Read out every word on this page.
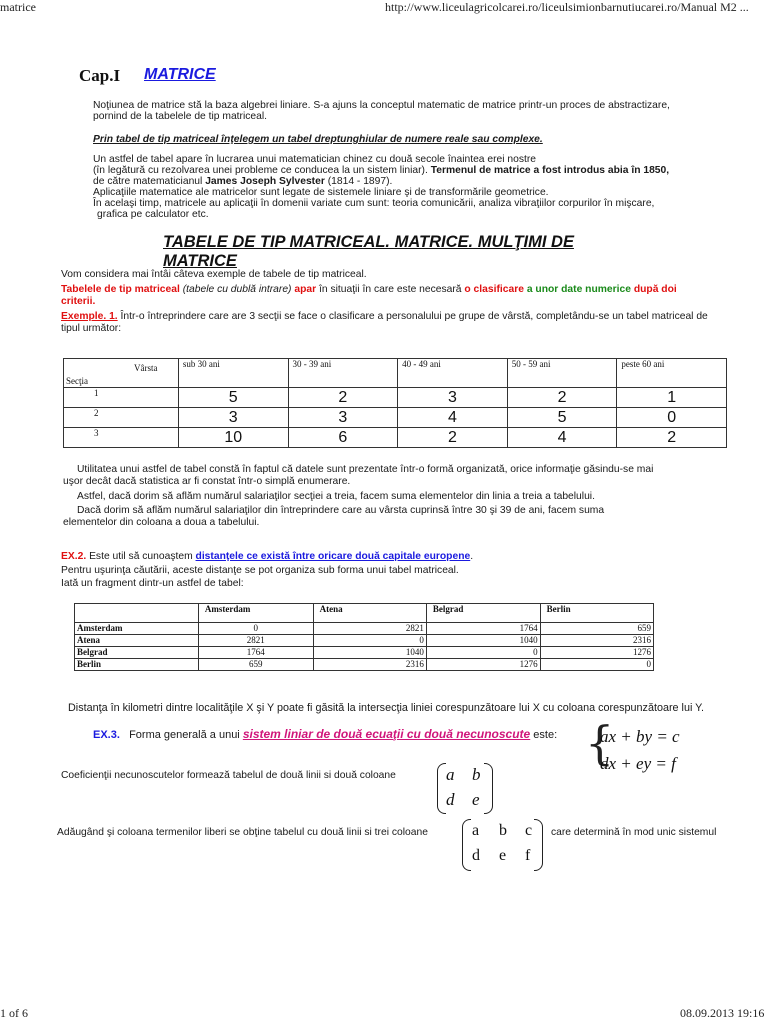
matrice	http://www.liceulagricolcarei.ro/liceulsimionbarnutiucarei.ro/Manual M2 ...
1 of 6	08.09.2013 19:16
Cap.I MATRICE
Noţiunea de matrice stă la baza algebrei liniare. S-a ajuns la conceptul matematic de matrice printr-un proces de abstractizare,
pornind de la tabelele de tip matriceal.
Prin tabel de tip matriceal înţelegem un tabel dreptunghiular de numere reale sau complexe.
Un astfel de tabel apare în lucrarea unui matematician chinez cu două secole înaintea erei nostre
(în legătură cu rezolvarea unei probleme ce conducea la un sistem liniar). Termenul de matrice a fost introdus abia în 1850,
de către matematicianul James Joseph Sylvester (1814 - 1897).
Aplicaţiile matematice ale matricelor sunt legate de sistemele liniare şi de transformările geometrice.
În acelaşi timp, matricele au aplicaţii în domenii variate cum sunt: teoria comunicării, analiza vibraţiilor corpurilor în mişcare,
grafica pe calculator etc.
TABELE DE TIP MATRICEAL. MATRICE. MULŢIMI DE
MATRICE
Vom considera mai întâi câteva exemple de tabele de tip matriceal.
Tabelele de tip matriceal (tabele cu dublă intrare) apar în situaţii în care este necesară o clasificare a unor date numerice după doi
criterii.
Exemple. 1. Într-o întreprindere care are 3 secţii se face o clasificare a personalului pe grupe de vârstă, completându-se un tabel matriceal de
tipul următor:
Vârsta
Secţia	sub 30 ani	30 - 39 ani	40 - 49 ani	50 - 59 ani	peste 60 ani
1	5	2	3	2	1
2	3	3	4	5	0
3	10	6	2	4	2
Utilitatea unui astfel de tabel constă în faptul că datele sunt prezentate într-o formă organizată, orice informaţie găsindu-se mai
uşor decât dacă statistica ar fi constat într-o simplă enumerare.
Astfel, dacă dorim să aflăm numărul salariaţilor secţiei a treia, facem suma elementelor din linia a treia a tabelului.
Dacă dorim să aflăm numărul salariaţilor din întreprindere care au vârsta cuprinsă între 30 şi 39 de ani, facem suma
elementelor din coloana a doua a tabelului.
EX.2. Este util să cunoaştem distanţele ce există între oricare două capitale europene.
Pentru uşurinţa căutării, aceste distanţe se pot organiza sub forma unui tabel matriceal.
Iată un fragment dintr-un astfel de tabel:
	Amsterdam	Atena	Belgrad	Berlin
Amsterdam	0	2821	1764	659
Atena	2821	0	1040	2316
Belgrad	1764	1040	0	1276
Berlin	659	2316	1276	0
Distanţa în kilometri dintre localităţile X şi Y poate fi găsită la intersecţia liniei corespunzătoare lui X cu coloana corespunzătoare lui Y.
EX.3. Forma generală a unui sistem liniar de două ecuaţii cu două necunoscute este: {
ax + by = c
dx + ey = f
Coeficienţii necunoscutelor formează tabelul de două linii si două coloane	a b
d e
Adăugând şi coloana termenilor liberi se obţine tabelul cu două linii si trei coloane	a b c
d e f
care determină în mod unic sistemul
